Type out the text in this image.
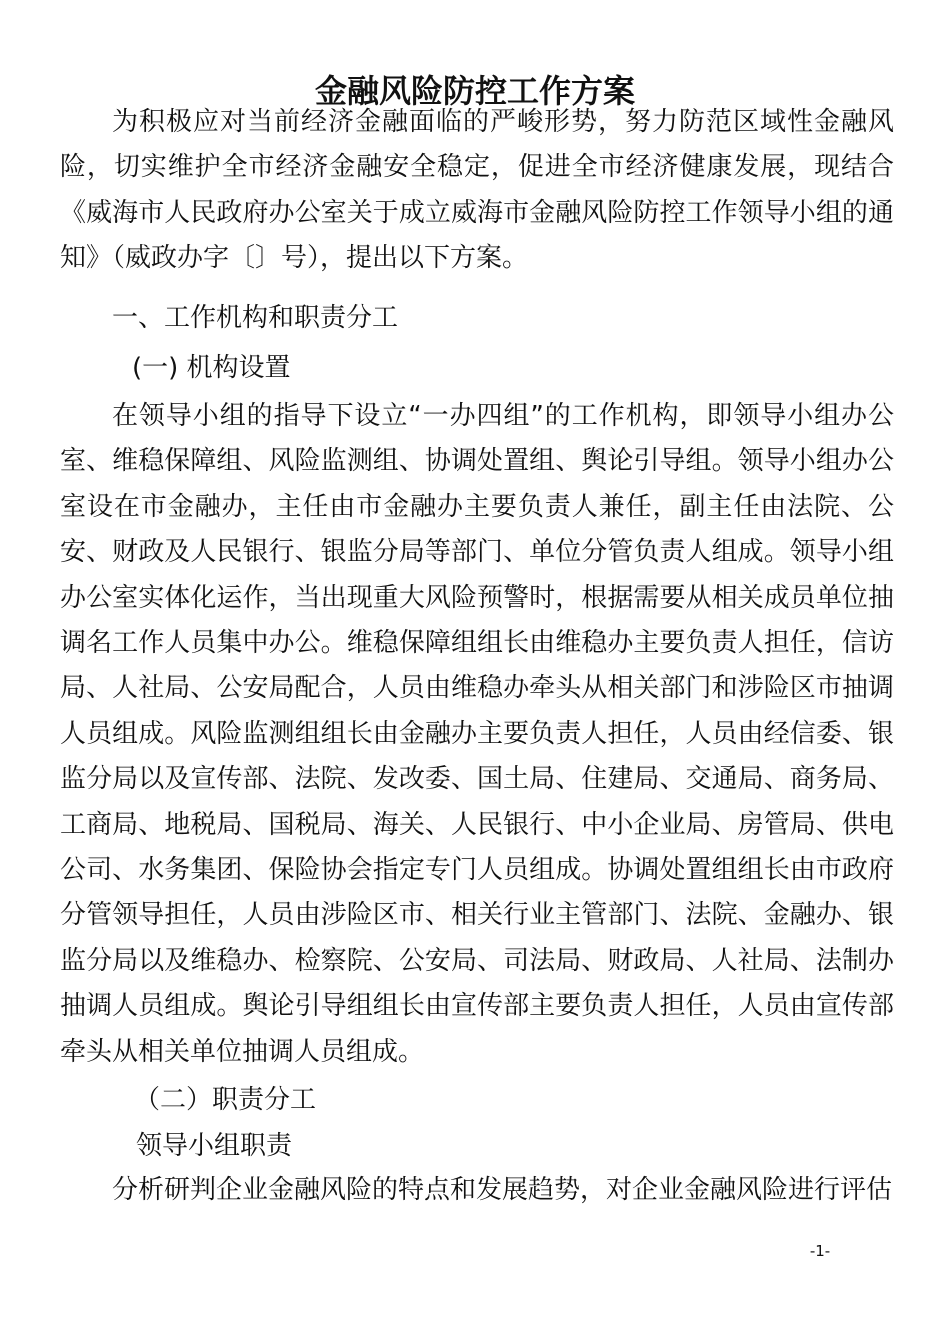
金融风险防控工作方案

为积极应对当前经济金融面临的严峻形势，努力防范区域性金融风险，切实维护全市经济金融安全稳定，促进全市经济健康发展，现结合《威海市人民政府办公室关于成立威海市金融风险防控工作领导小组的通知》（威政办字〔〕号），提出以下方案。

一、工作机构和职责分工

(一) 机构设置

在领导小组的指导下设立“一办四组”的工作机构，即领导小组办公室、维稳保障组、风险监测组、协调处置组、舆论引导组。领导小组办公室设在市金融办，主任由市金融办主要负责人兼任，副主任由法院、公安、财政及人民银行、银监分局等部门、单位分管负责人组成。领导小组办公室实体化运作，当出现重大风险预警时，根据需要从相关成员单位抽调名工作人员集中办公。维稳保障组组长由维稳办主要负责人担任，信访局、人社局、公安局配合，人员由维稳办牵头从相关部门和涉险区市抽调人员组成。风险监测组组长由金融办主要负责人担任，人员由经信委、银监分局以及宣传部、法院、发改委、国土局、住建局、交通局、商务局、工商局、地税局、国税局、海关、人民银行、中小企业局、房管局、供电公司、水务集团、保险协会指定专门人员组成。协调处置组组长由市政府分管领导担任，人员由涉险区市、相关行业主管部门、法院、金融办、银监分局以及维稳办、检察院、公安局、司法局、财政局、人社局、法制办抽调人员组成。舆论引导组组长由宣传部主要负责人担任，人员由宣传部牵头从相关单位抽调人员组成。

（二）职责分工

领导小组职责

分析研判企业金融风险的特点和发展趋势，对企业金融风险进行评估

-1-
